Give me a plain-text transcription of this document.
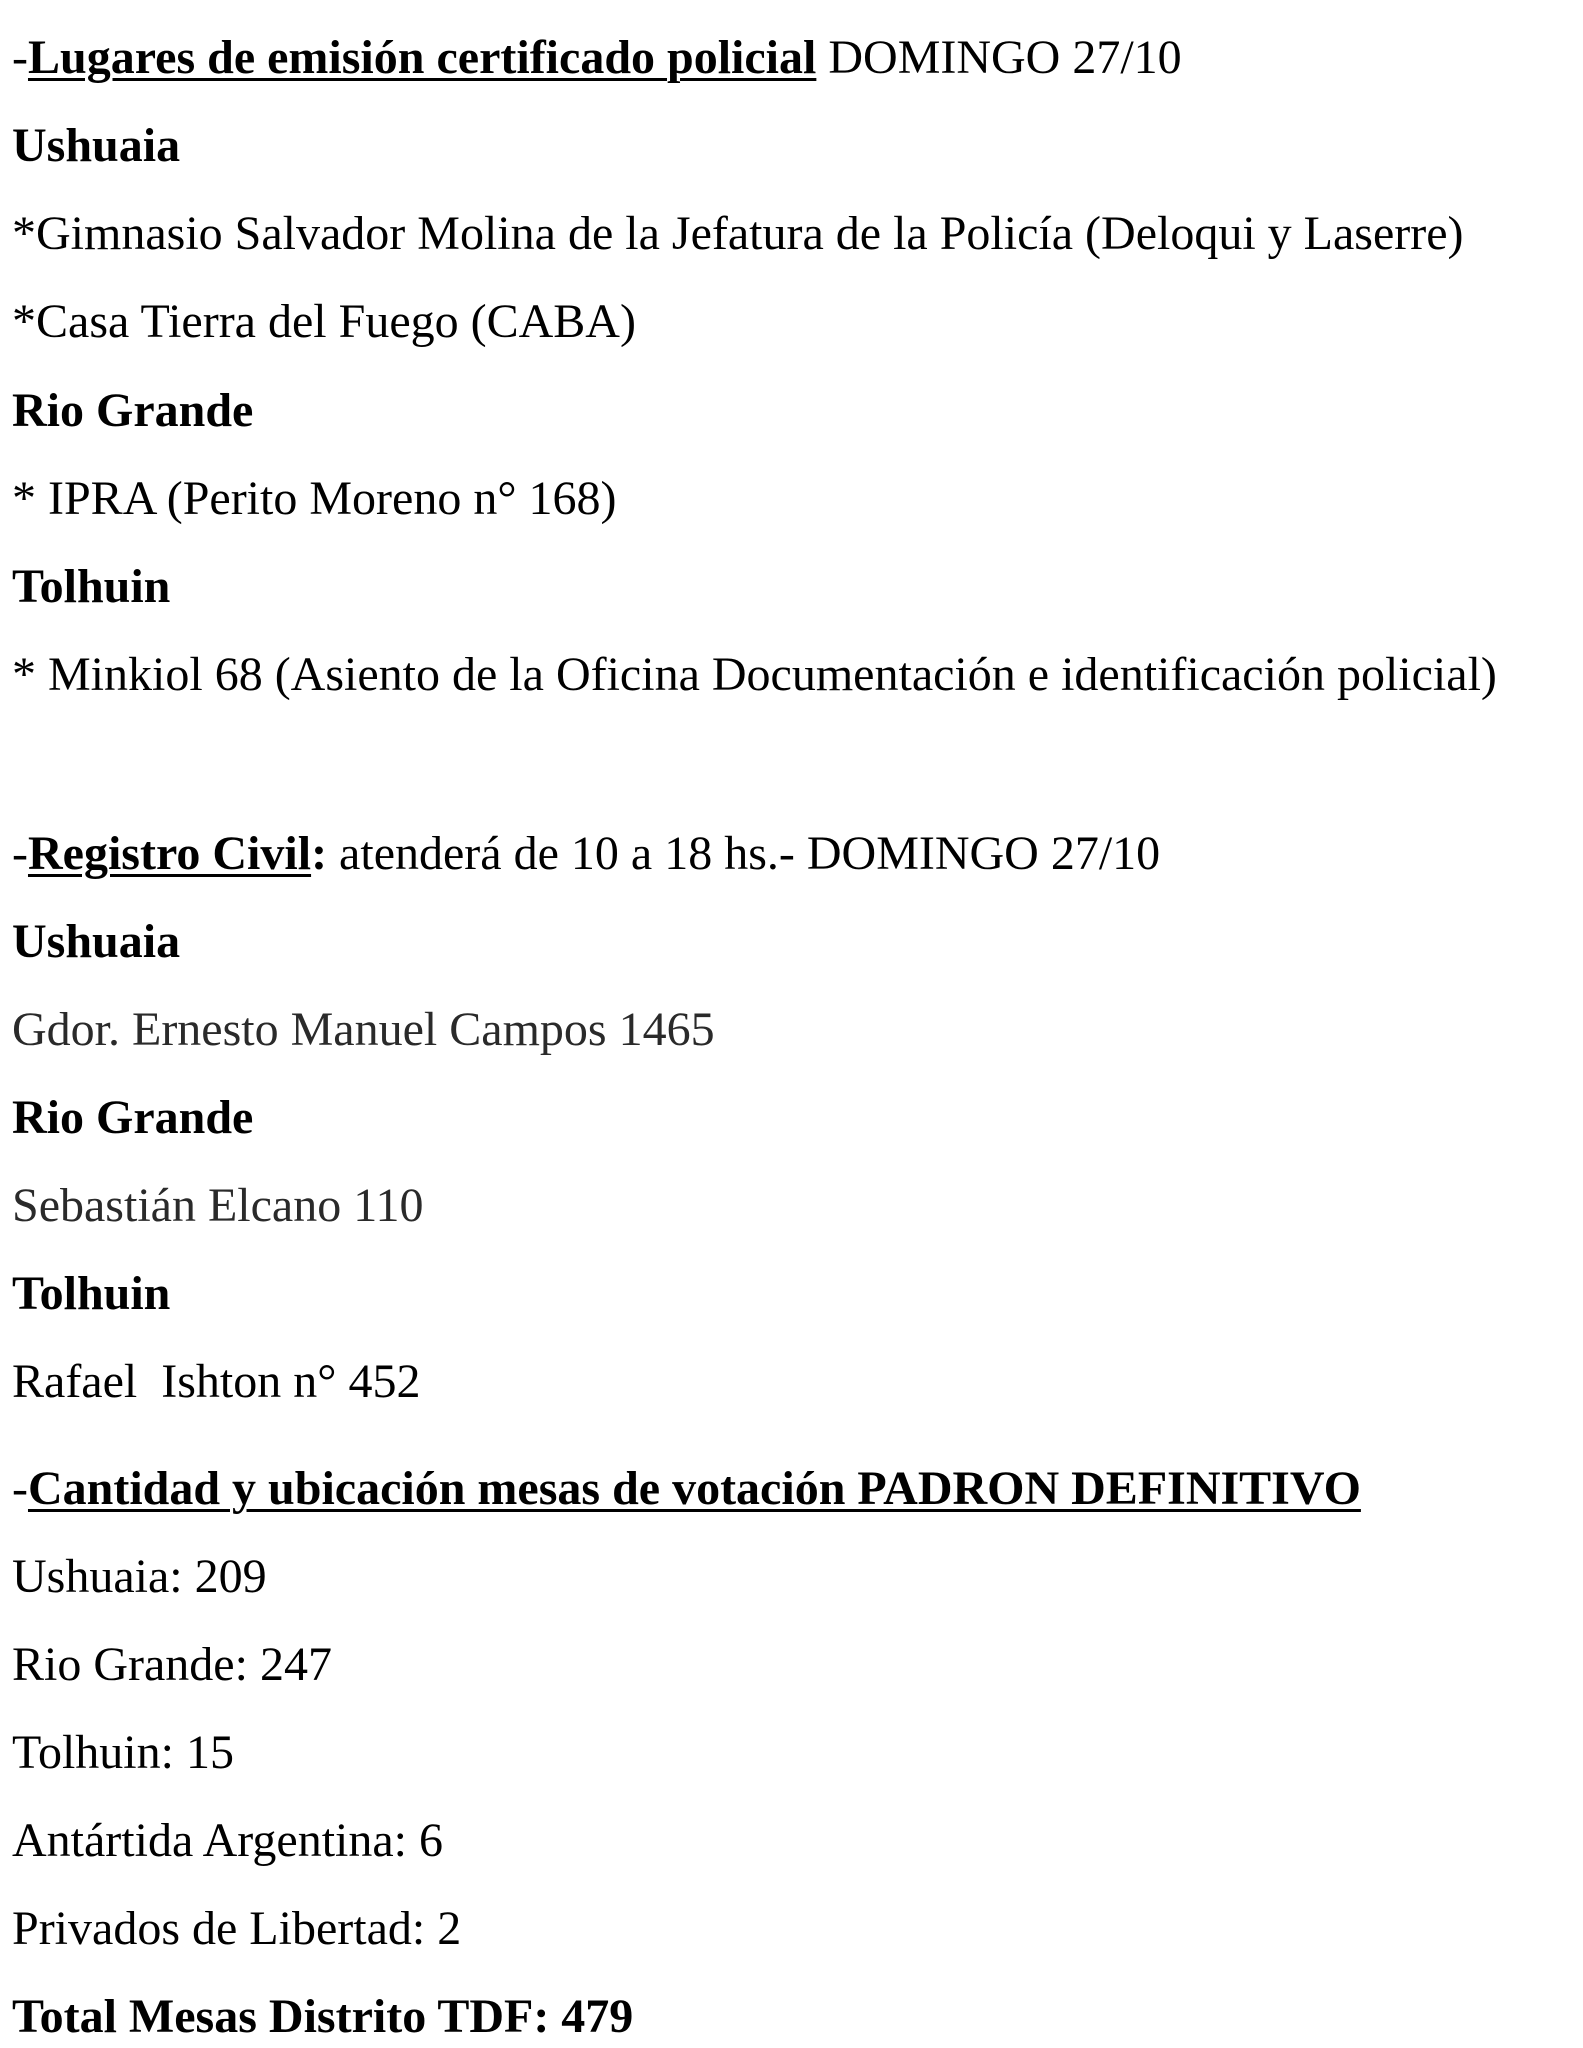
-Lugares de emisión certificado policial DOMINGO 27/10
Ushuaia
*Gimnasio Salvador Molina de la Jefatura de la Policía (Deloqui y Laserre)
*Casa Tierra del Fuego (CABA)
Rio Grande
* IPRA (Perito Moreno n° 168)
Tolhuin
* Minkiol 68 (Asiento de la Oficina Documentación e identificación policial)
-Registro Civil: atenderá de 10 a 18 hs.- DOMINGO 27/10
Ushuaia
Gdor. Ernesto Manuel Campos 1465
Rio Grande
Sebastián Elcano 110
Tolhuin
Rafael  Ishton n° 452
-Cantidad y ubicación mesas de votación PADRON DEFINITIVO
Ushuaia: 209
Rio Grande: 247
Tolhuin: 15
Antártida Argentina: 6
Privados de Libertad: 2
Total Mesas Distrito TDF: 479
